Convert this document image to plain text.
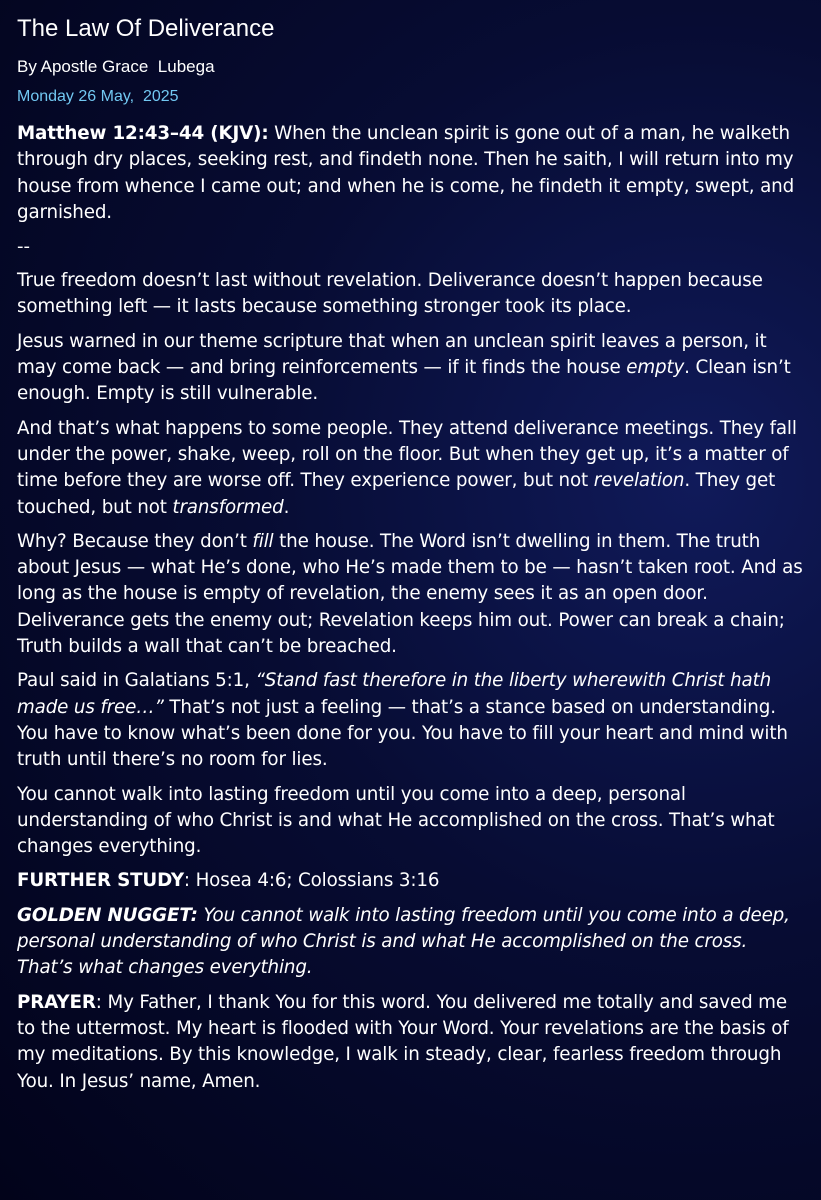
The Law Of Deliverance
By Apostle Grace  Lubega
Monday 26 May,  2025

Matthew 12:43–44 (KJV): When the unclean spirit is gone out of a man, he walketh through dry places, seeking rest, and findeth none. Then he saith, I will return into my house from whence I came out; and when he is come, he findeth it empty, swept, and garnished.

--

True freedom doesn’t last without revelation. Deliverance doesn’t happen because something left — it lasts because something stronger took its place.

Jesus warned in our theme scripture that when an unclean spirit leaves a person, it may come back — and bring reinforcements — if it finds the house empty. Clean isn’t enough. Empty is still vulnerable.

And that’s what happens to some people. They attend deliverance meetings. They fall under the power, shake, weep, roll on the floor. But when they get up, it’s a matter of time before they are worse off. They experience power, but not revelation. They get touched, but not transformed.

Why? Because they don’t fill the house. The Word isn’t dwelling in them. The truth about Jesus — what He’s done, who He’s made them to be — hasn’t taken root. And as long as the house is empty of revelation, the enemy sees it as an open door. Deliverance gets the enemy out; Revelation keeps him out. Power can break a chain; Truth builds a wall that can’t be breached.

Paul said in Galatians 5:1, “Stand fast therefore in the liberty wherewith Christ hath made us free…” That’s not just a feeling — that’s a stance based on understanding. You have to know what’s been done for you. You have to fill your heart and mind with truth until there’s no room for lies.

You cannot walk into lasting freedom until you come into a deep, personal understanding of who Christ is and what He accomplished on the cross. That’s what changes everything.

FURTHER STUDY: Hosea 4:6; Colossians 3:16

GOLDEN NUGGET: You cannot walk into lasting freedom until you come into a deep, personal understanding of who Christ is and what He accomplished on the cross. That’s what changes everything.

PRAYER: My Father, I thank You for this word. You delivered me totally and saved me to the uttermost. My heart is flooded with Your Word. Your revelations are the basis of my meditations. By this knowledge, I walk in steady, clear, fearless freedom through You. In Jesus’ name, Amen.
